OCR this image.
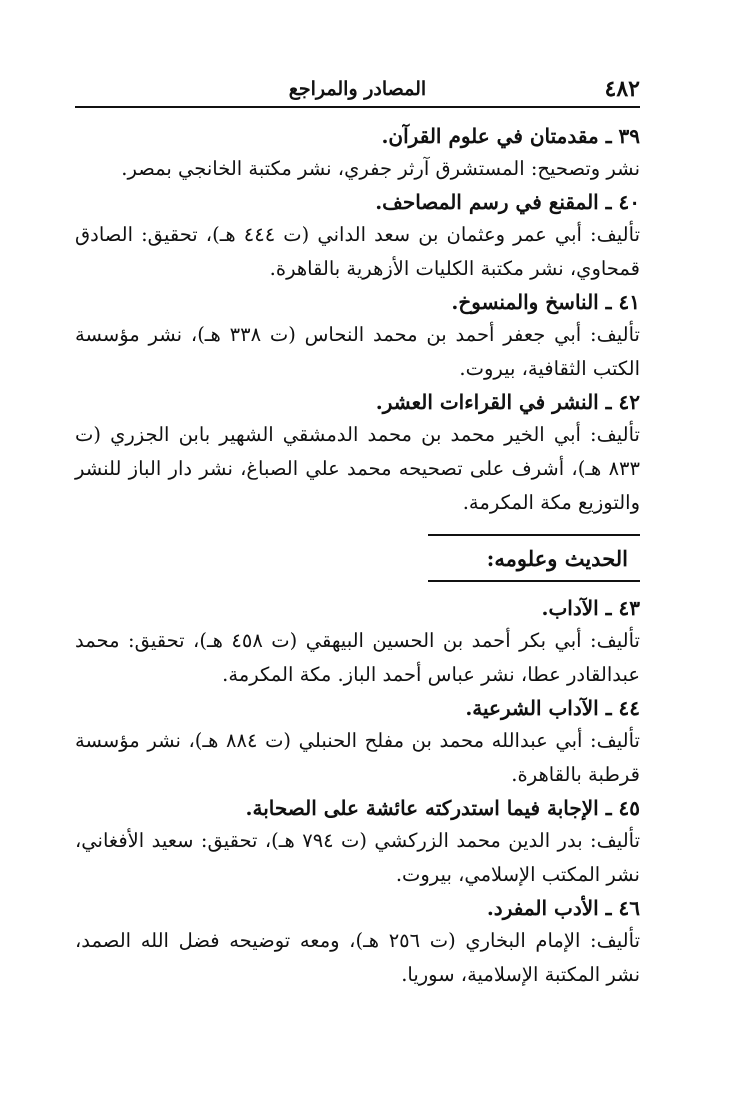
٤٨٢
المصادر والمراجع
٣٩ ـ مقدمتان في علوم القرآن.
نشر وتصحيح: المستشرق آرثر جفري، نشر مكتبة الخانجي بمصر.
٤٠ ـ المقنع في رسم المصاحف.
تأليف: أبي عمر وعثمان بن سعد الداني (ت ٤٤٤ هـ)، تحقيق: الصادق قمحاوي، نشر مكتبة الكليات الأزهرية بالقاهرة.
٤١ ـ الناسخ والمنسوخ.
تأليف: أبي جعفر أحمد بن محمد النحاس (ت ٣٣٨ هـ)، نشر مؤسسة الكتب الثقافية، بيروت.
٤٢ ـ النشر في القراءات العشر.
تأليف: أبي الخير محمد بن محمد الدمشقي الشهير بابن الجزري (ت ٨٣٣ هـ)، أشرف على تصحيحه محمد علي الصباغ، نشر دار الباز للنشر والتوزيع مكة المكرمة.
الحديث وعلومه:
٤٣ ـ الآداب.
تأليف: أبي بكر أحمد بن الحسين البيهقي (ت ٤٥٨ هـ)، تحقيق: محمد عبدالقادر عطا، نشر عباس أحمد الباز. مكة المكرمة.
٤٤ ـ الآداب الشرعية.
تأليف: أبي عبدالله محمد بن مفلح الحنبلي (ت ٨٨٤ هـ)، نشر مؤسسة قرطبة بالقاهرة.
٤٥ ـ الإجابة فيما استدركته عائشة على الصحابة.
تأليف: بدر الدين محمد الزركشي (ت ٧٩٤ هـ)، تحقيق: سعيد الأفغاني، نشر المكتب الإسلامي، بيروت.
٤٦ ـ الأدب المفرد.
تأليف: الإمام البخاري (ت ٢٥٦ هـ)، ومعه توضيحه فضل الله الصمد، نشر المكتبة الإسلامية، سوريا.
